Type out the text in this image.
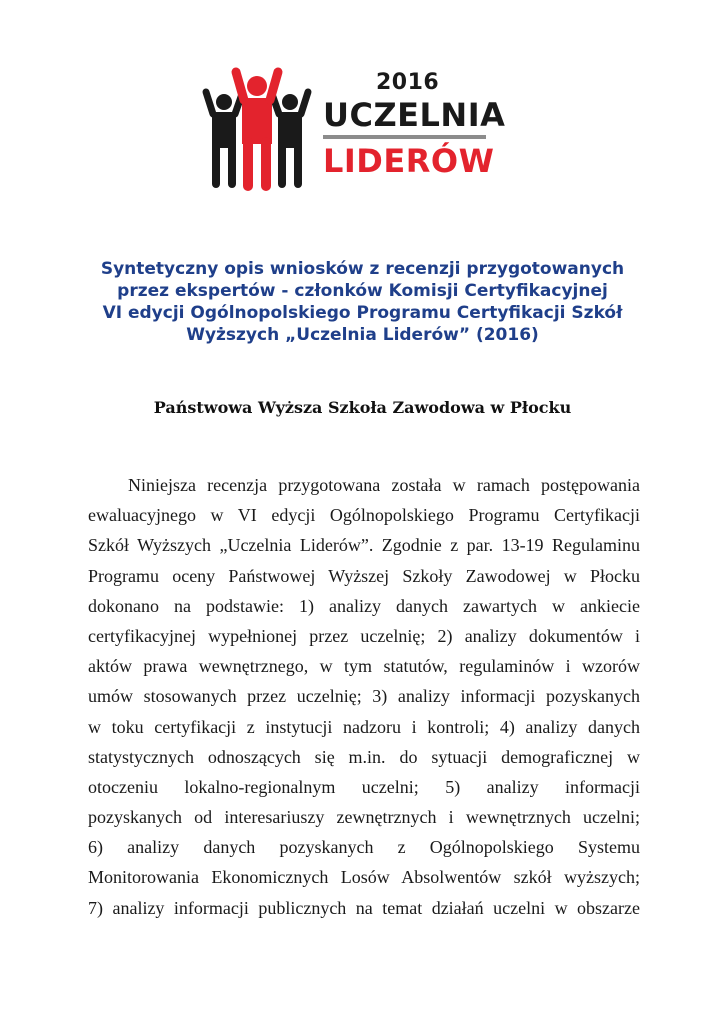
2016
UCZELNIA
LIDERÓW
Syntetyczny opis wniosków z recenzji przygotowanych
przez ekspertów - członków Komisji Certyfikacyjnej
VI edycji Ogólnopolskiego Programu Certyfikacji Szkół
Wyższych „Uczelnia Liderów” (2016)
Państwowa Wyższa Szkoła Zawodowa w Płocku
Niniejsza recenzja przygotowana została w ramach postępowania
ewaluacyjnego w VI edycji Ogólnopolskiego Programu Certyfikacji
Szkół Wyższych „Uczelnia Liderów”. Zgodnie z par. 13-19 Regulaminu
Programu oceny Państwowej Wyższej Szkoły Zawodowej w Płocku
dokonano na podstawie: 1) analizy danych zawartych w ankiecie
certyfikacyjnej wypełnionej przez uczelnię; 2) analizy dokumentów i
aktów prawa wewnętrznego, w tym statutów, regulaminów i wzorów
umów stosowanych przez uczelnię; 3) analizy informacji pozyskanych
w toku certyfikacji z instytucji nadzoru i kontroli; 4) analizy danych
statystycznych odnoszących się m.in. do sytuacji demograficznej w
otoczeniu lokalno-regionalnym uczelni; 5) analizy informacji
pozyskanych od interesariuszy zewnętrznych i wewnętrznych uczelni;
6) analizy danych pozyskanych z Ogólnopolskiego Systemu
Monitorowania Ekonomicznych Losów Absolwentów szkół wyższych;
7) analizy informacji publicznych na temat działań uczelni w obszarze
